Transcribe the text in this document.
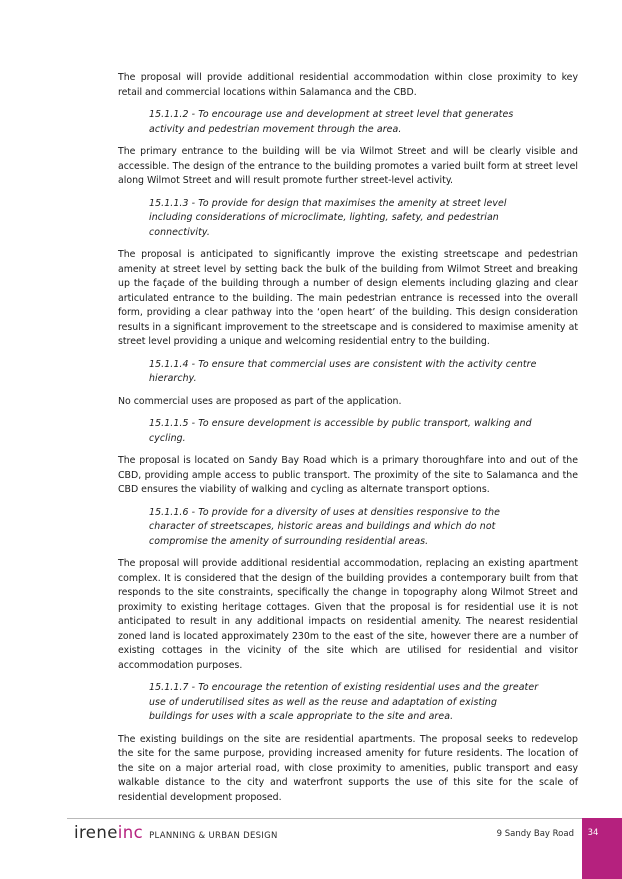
The proposal will provide additional residential accommodation within close proximity to key retail and commercial locations within Salamanca and the CBD.

15.1.1.2 - To encourage use and development at street level that generates activity and pedestrian movement through the area.

The primary entrance to the building will be via Wilmot Street and will be clearly visible and accessible. The design of the entrance to the building promotes a varied built form at street level along Wilmot Street and will result promote further street-level activity.

15.1.1.3 - To provide for design that maximises the amenity at street level including considerations of microclimate, lighting, safety, and pedestrian connectivity.

The proposal is anticipated to significantly improve the existing streetscape and pedestrian amenity at street level by setting back the bulk of the building from Wilmot Street and breaking up the façade of the building through a number of design elements including glazing and clear articulated entrance to the building. The main pedestrian entrance is recessed into the overall form, providing a clear pathway into the ‘open heart’ of the building. This design consideration results in a significant improvement to the streetscape and is considered to maximise amenity at street level providing a unique and welcoming residential entry to the building.

15.1.1.4 - To ensure that commercial uses are consistent with the activity centre hierarchy.

No commercial uses are proposed as part of the application.

15.1.1.5 - To ensure development is accessible by public transport, walking and cycling.

The proposal is located on Sandy Bay Road which is a primary thoroughfare into and out of the CBD, providing ample access to public transport. The proximity of the site to Salamanca and the CBD ensures the viability of walking and cycling as alternate transport options.

15.1.1.6 - To provide for a diversity of uses at densities responsive to the character of streetscapes, historic areas and buildings and which do not compromise the amenity of surrounding residential areas.

The proposal will provide additional residential accommodation, replacing an existing apartment complex. It is considered that the design of the building provides a contemporary built from that responds to the site constraints, specifically the change in topography along Wilmot Street and proximity to existing heritage cottages. Given that the proposal is for residential use it is not anticipated to result in any additional impacts on residential amenity. The nearest residential zoned land is located approximately 230m to the east of the site, however there are a number of existing cottages in the vicinity of the site which are utilised for residential and visitor accommodation purposes.

15.1.1.7 - To encourage the retention of existing residential uses and the greater use of underutilised sites as well as the reuse and adaptation of existing buildings for uses with a scale appropriate to the site and area.

The existing buildings on the site are residential apartments. The proposal seeks to redevelop the site for the same purpose, providing increased amenity for future residents. The location of the site on a major arterial road, with close proximity to amenities, public transport and easy walkable distance to the city and waterfront supports the use of this site for the scale of residential development proposed.

irene inc PLANNING & URBAN DESIGN	9 Sandy Bay Road	34
